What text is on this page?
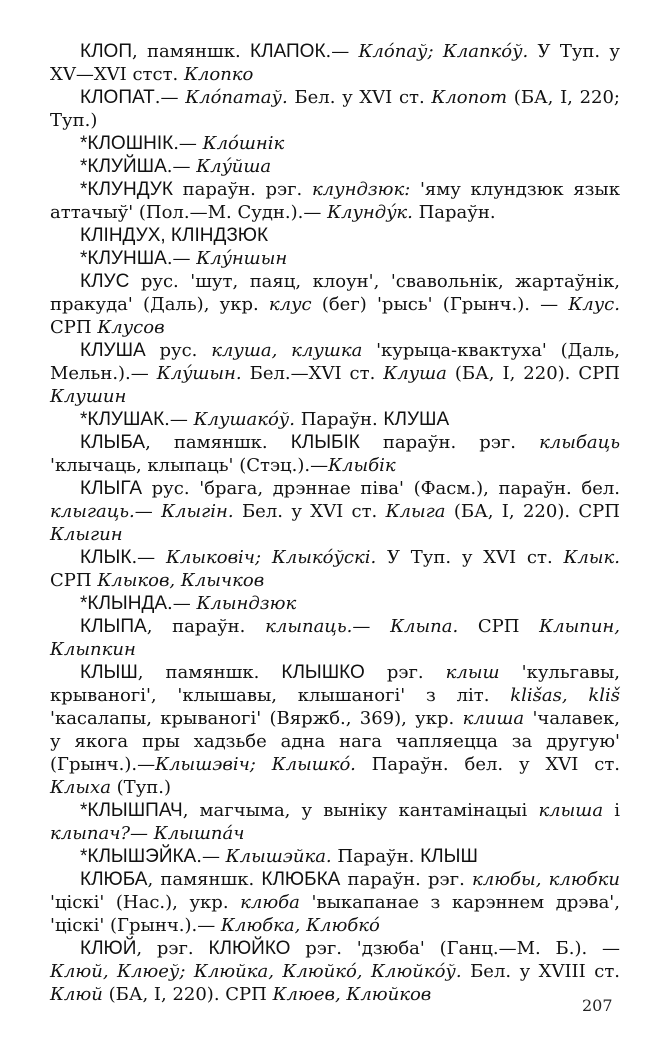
КЛОП, памяншк. КЛАПОК.— Клóпаў; Клапкóў. У Туп. у XV—XVI стст. Клопко

КЛОПАТ.— Клóпатаў. Бел. у XVI ст. Клопот (БА, І, 220; Туп.)

*КЛОШНІК.— Клóшнік

*КЛУЙША.— Клýйша

*КЛУНДУК параўн. рэг. клундзюк: 'яму клундзюк язык аттачыў' (Пол.—М. Судн.).— Клундýк. Параўн.

КЛІНДУХ, КЛІНДЗЮК

*КЛУНША.— Клýншын

КЛУС рус. 'шут, паяц, клоун', 'свавольнік, жартаўнік, пракуда' (Даль), укр. клус (бег) 'рысь' (Грынч.). — Клус. СРП Клусов

КЛУША рус. клуша, клушка 'курыца-квактуха' (Даль, Мельн.).— Клýшын. Бел.—XVI ст. Клуша (БА, І, 220). СРП Клушин

*КЛУШАК.— Клушакóў. Параўн. КЛУША

КЛЫБА, памяншк. КЛЫБІК параўн. рэг. клыбаць 'клычаць, клыпаць' (Стэц.).—Клыбік

КЛЫГА рус. 'брага, дрэннае піва' (Фасм.), параўн. бел. клыгаць.— Клыгін. Бел. у XVI ст. Клыга (БА, І, 220). СРП Клыгин

КЛЫК.— Клыковіч; Клыкóўскі. У Туп. у XVI ст. Клык. СРП Клыков, Клычков

*КЛЫНДА.— Клындзюк

КЛЫПА, параўн. клыпаць.— Клыпа. СРП Клыпин, Клыпкин

КЛЫШ, памяншк. КЛЫШКО рэг. клыш 'кульгавы, крываногі', 'клышавы, клышаногі' з літ. klišas, kliš 'касалапы, крываногі' (Вяржб., 369), укр. клиша 'чалавек, у якога пры хадзьбе адна нага чапляецца за другую' (Грынч.).—Клышэвіч; Клышкó. Параўн. бел. у XVI ст. Клыха (Туп.)

*КЛЫШПАЧ, магчыма, у выніку кантамінацыі клыша і клыпач?— Клышпáч

*КЛЫШЭЙКА.— Клышэйка. Параўн. КЛЫШ

КЛЮБА, памяншк. КЛЮБКА параўн. рэг. клюбы, клюбки 'ціскі' (Нас.), укр. клюба 'выкапанае з карэннем дрэва', 'цiскі' (Грынч.).— Клюбка, Клюбкó

КЛЮЙ, рэг. КЛЮЙКО рэг. 'дзюба' (Ганц.—М. Б.). — Клюй, Клюеў; Клюйка, Клюйкó, Клюйкóў. Бел. у XVIII ст. Клюй (БА, І, 220). СРП Клюев, Клюйков

207
